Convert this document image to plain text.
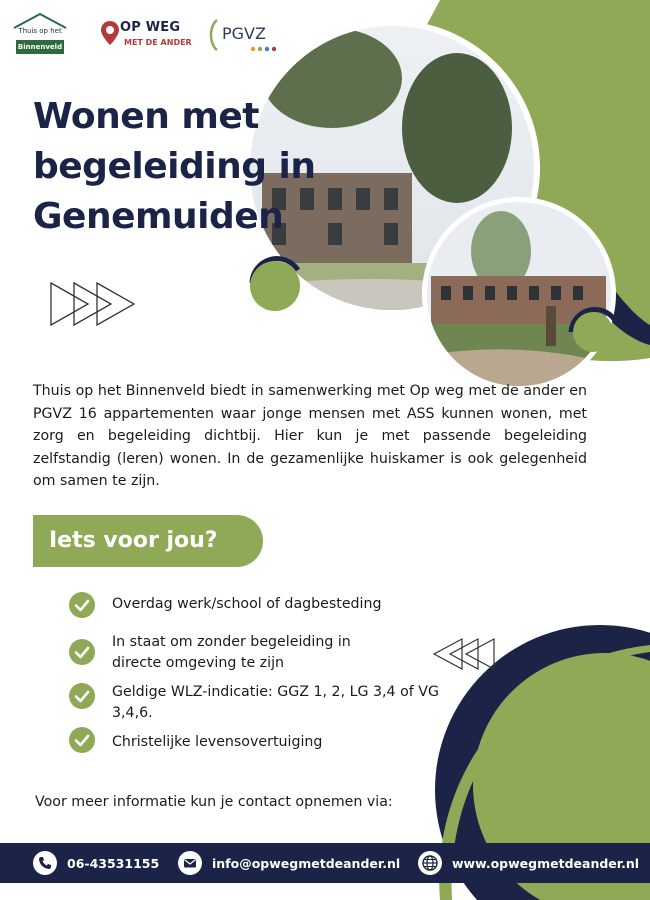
Thuis op het
Binnenveld
OP WEG
MET DE ANDER PGVZ
Wonen met
begeleiding in
Genemuiden

Thuis op het Binnenveld biedt in samenwerking met Op weg met de ander en PGVZ 16 appartementen waar jonge mensen met ASS kunnen wonen, met zorg en begeleiding dichtbij. Hier kun je met passende begeleiding zelfstandig (leren) wonen. In de gezamenlijke huiskamer is ook gelegenheid om samen te zijn.

Iets voor jou?
Overdag werk/school of dagbesteding
In staat om zonder begeleiding in directe omgeving te zijn
Geldige WLZ-indicatie: GGZ 1, 2, LG 3,4 of VG 3,4,6.
Christelijke levensovertuiging

Voor meer informatie kun je contact opnemen via:

06-43531155	info@opwegmetdeander.nl	www.opwegmetdeander.nl
